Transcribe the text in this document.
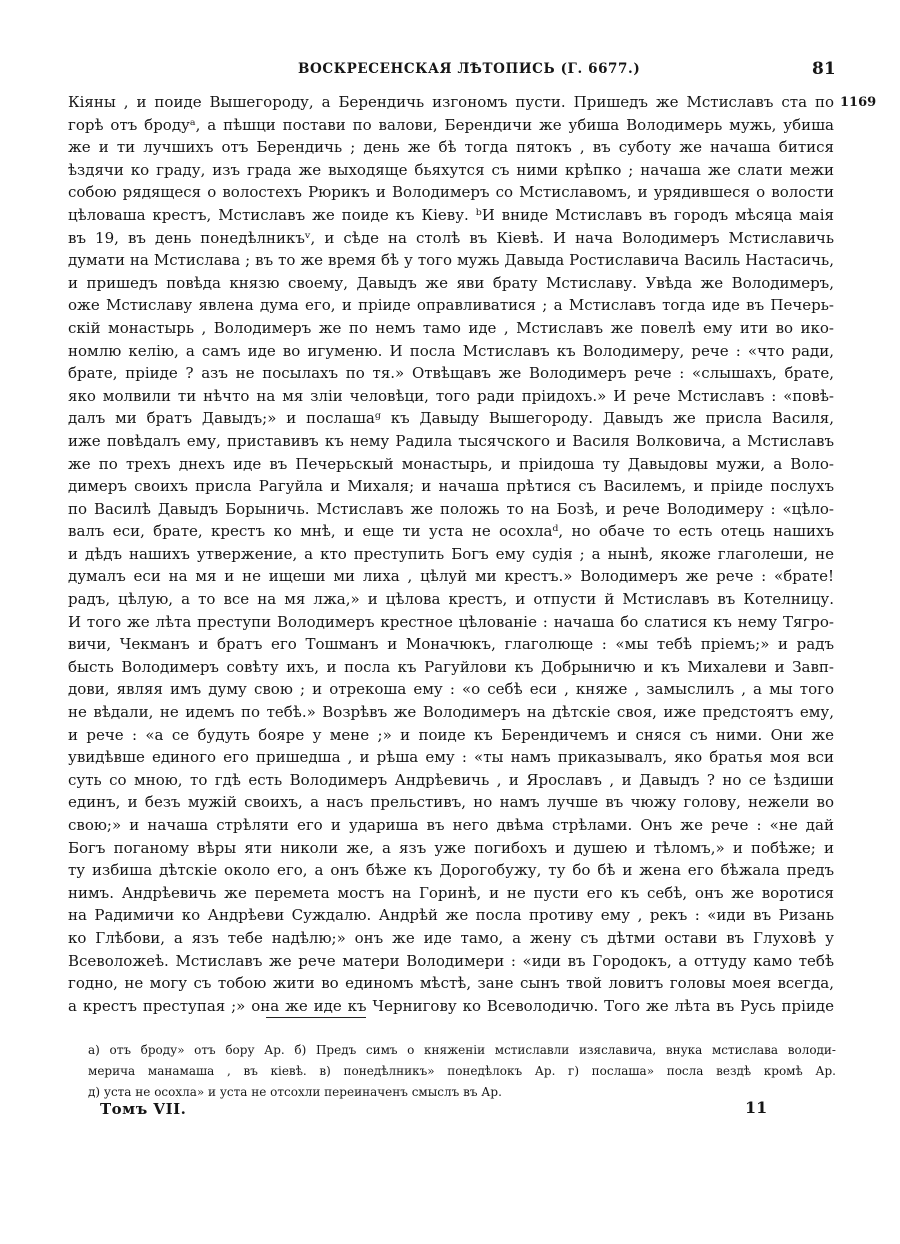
ВОСКРЕСЕНСКАЯ ЛѢТОПИСЬ (Г. 6677.)	81
1169
Кіяны , и поиде Вышегороду, а Берендичь изгономъ пусти. Пришедъ же Мстиславъ ста по
горѣ отъ бродуᵃ, а пѣшци постави по валови, Берендичи же убиша Володимерь мужь, убиша
же и ти лучшихъ отъ Берендичь ; день же бѣ тогда пятокъ , въ суботу же начаша битися
ѣздячи ко граду, изъ града же выходяще бьяхутся съ ними крѣпко ; начаша же слати межи
собою рядящеся о волостехъ Рюрикъ и Володимеръ со Мстиславомъ, и урядившеся о волости
цѣловаша крестъ, Мстиславъ же поиде къ Кіеву. ᵇИ вниде Мстиславъ въ городъ мѣсяца маія
въ 19, въ день понедѣлникъᵛ, и сѣде на столѣ въ Кіевѣ. И нача Володимеръ Мстиславичь
думати на Мстислава ; въ то же время бѣ у того мужь Давыда Ростиславича Василь Настасичь,
и пришедъ повѣда князю своему, Давыдъ же яви брату Мстиславу. Увѣда же Володимеръ,
оже Мстиславу явлена дума его, и пріиде оправливатися ; а Мстиславъ тогда иде въ Печерь-
скій монастырь , Володимеръ же по немъ тамо иде , Мстиславъ же повелѣ ему ити во ико-
номлю келію, а самъ иде во игуменю. И посла Мстиславъ къ Володимеру, рече : «что ради,
брате, пріиде ? азъ не посылахъ по тя.» Отвѣщавъ же Володимеръ рече : «слышахъ, брате,
яко молвили ти нѣчто на мя зліи человѣци, того ради пріидохъ.» И рече Мстиславъ : «повѣ-
далъ ми братъ Давыдъ;» и послашаᵍ къ Давыду Вышегороду. Давыдъ же присла Василя,
иже повѣдалъ ему, приставивъ къ нему Радила тысячского и Василя Волковича, а Мстиславъ
же по трехъ днехъ иде въ Печерьскый монастырь, и пріидоша ту Давыдовы мужи, а Воло-
димеръ своихъ присла Рагуйла и Михаля; и начаша прѣтися съ Василемъ, и пріиде послухъ
по Василѣ Давыдъ Борыничь. Мстиславъ же положь то на Бозѣ, и рече Володимеру : «цѣло-
валъ еси, брате, крестъ ко мнѣ, и еще ти уста не осохлаᵈ, но обаче то есть отець нашихъ
и дѣдъ нашихъ утвержение, а кто преступить Богъ ему судія ; а нынѣ, якоже глаголеши, не
думалъ еси на мя и не ищеши ми лиха , цѣлуй ми крестъ.» Володимеръ же рече : «брате!
радъ, цѣлую, а то все на мя лжа,» и цѣлова крестъ, и отпусти й Мстиславъ въ Котелницу.
И того же лѣта преступи Володимеръ крестное цѣлованіе : начаша бо слатися къ нему Тягро-
вичи, Чекманъ и братъ его Тошманъ и Моначюкъ, глаголюще : «мы тебѣ пріемъ;» и радъ
бысть Володимеръ совѣту ихъ, и посла къ Рагуйлови къ Добрыничю и къ Михалеви и Завп-
дови, являя имъ думу свою ; и отрекоша ему : «о себѣ еси , княже , замыслилъ , а мы того
не вѣдали, не идемъ по тебѣ.» Возрѣвъ же Володимеръ на дѣтскіе своя, иже предстоятъ ему,
и рече : «а се будуть бояре у мене ;» и поиде къ Берендичемъ и сняся съ ними. Они же
увидѣвше единого его пришедша , и рѣша ему : «ты намъ приказывалъ, яко братья моя вси
суть со мною, то гдѣ есть Володимеръ Андрѣевичь , и Ярославъ , и Давыдъ ? но се ѣздиши
единъ, и безъ мужій своихъ, а насъ прельстивъ, но намъ лучше въ чюжу голову, нежели во
свою;» и начаша стрѣляти его и удариша въ него двѣма стрѣлами. Онъ же рече : «не дай
Богъ поганому вѣры яти николи же, а язъ уже погибохъ и душею и тѣломъ,» и побѣже; и
ту избиша дѣтскіе около его, а онъ бѣже къ Дорогобужу, ту бо бѣ и жена его бѣжала предъ
нимъ. Андрѣевичь же перемета мостъ на Горинѣ, и не пусти его къ себѣ, онъ же воротися
на Радимичи ко Андрѣеви Суждалю. Андрѣй же посла противу ему , рекъ : «иди въ Ризань
ко Глѣбови, а язъ тебе надѣлю;» онъ же иде тамо, а жену съ дѣтми остави въ Глуховѣ у
Всеволожеѣ. Мстиславъ же рече матери Володимери : «иди въ Городокъ, а оттуду камо тебѣ
годно, не могу съ тобою жити во единомъ мѣстѣ, зане сынъ твой ловитъ головы моея всегда,
а крестъ преступая ;» она же иде къ Чернигову ко Всеволодичю. Того же лѣта въ Русь пріиде
а) отъ броду» отъ бору Ар. б) Предъ симъ о княженіи мстиславли изяславича, внука мстислава володи-
мерича манамаша , въ кіевѣ. в) понедѣлникъ» понедѣлокъ Ар. г) послаша» посла вездѣ кромѣ Ар.
д) уста не осохла» и уста не отсохли переиначенъ смыслъ въ Ар.
Томъ VII.	11
